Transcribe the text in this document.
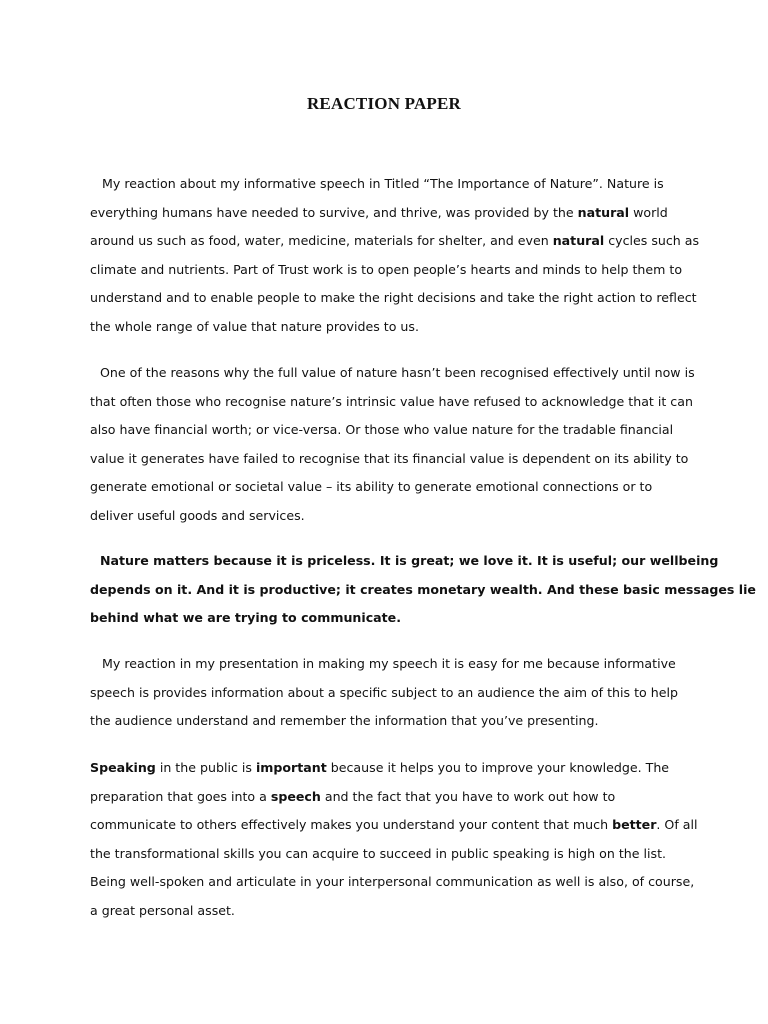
REACTION PAPER
My reaction about my informative speech in Titled “The Importance of Nature”. Nature is
everything humans have needed to survive, and thrive, was provided by the natural world
around us such as food, water, medicine, materials for shelter, and even natural cycles such as
climate and nutrients. Part of Trust work is to open people’s hearts and minds to help them to
understand and to enable people to make the right decisions and take the right action to reflect
the whole range of value that nature provides to us.
One of the reasons why the full value of nature hasn’t been recognised effectively until now is
that often those who recognise nature’s intrinsic value have refused to acknowledge that it can
also have financial worth; or vice-versa. Or those who value nature for the tradable financial
value it generates have failed to recognise that its financial value is dependent on its ability to
generate emotional or societal value – its ability to generate emotional connections or to
deliver useful goods and services.
Nature matters because it is priceless. It is great; we love it. It is useful; our wellbeing
depends on it. And it is productive; it creates monetary wealth. And these basic messages lie
behind what we are trying to communicate.
My reaction in my presentation in making my speech it is easy for me because informative
speech is provides information about a specific subject to an audience the aim of this to help
the audience understand and remember the information that you’ve presenting.
Speaking in the public is important because it helps you to improve your knowledge. The
preparation that goes into a speech and the fact that you have to work out how to
communicate to others effectively makes you understand your content that much better. Of all
the transformational skills you can acquire to succeed in public speaking is high on the list.
Being well-spoken and articulate in your interpersonal communication as well is also, of course,
a great personal asset.
